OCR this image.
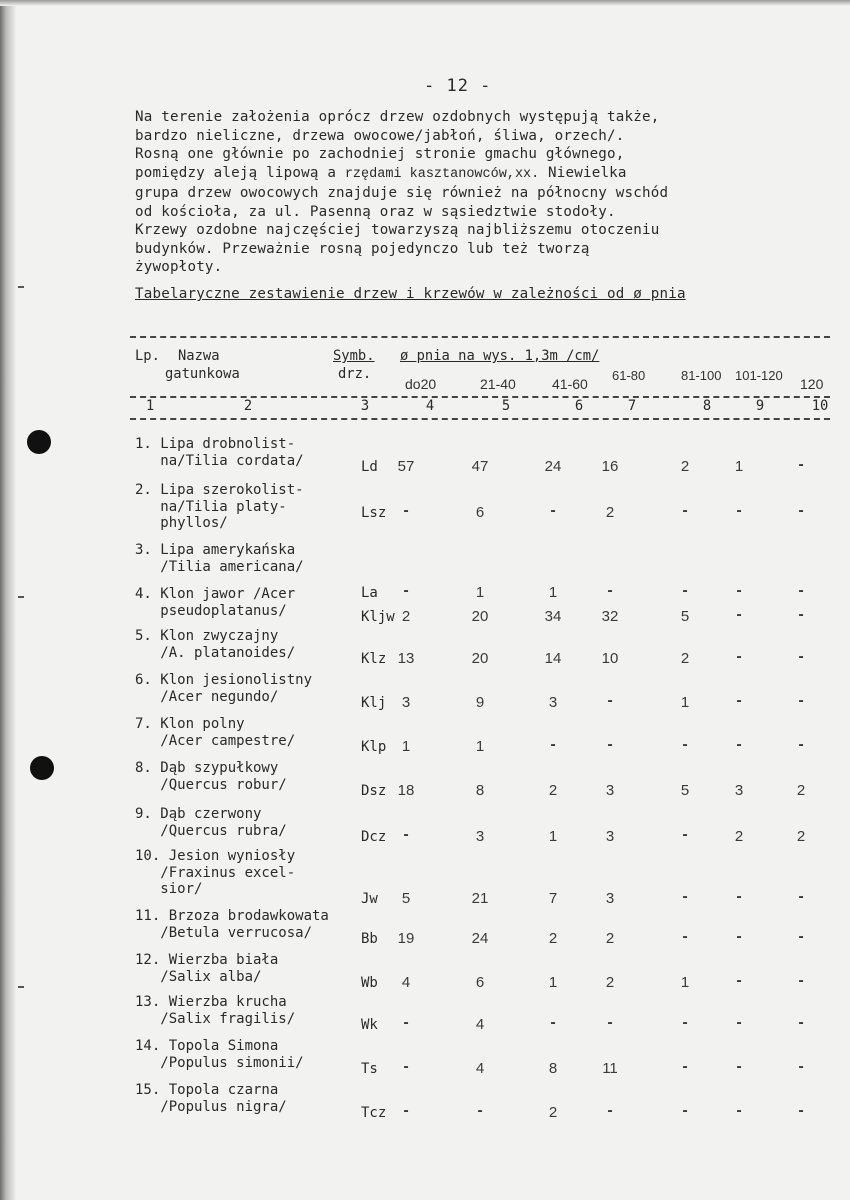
- 12 -

Na terenie założenia oprócz drzew ozdobnych występują także,

bardzo nieliczne, drzewa owocowe/jabłoń, śliwa, orzech/.

Rosną one głównie po zachodniej stronie gmachu głównego,

pomiędzy aleją lipową a rzędami kasztanowców,xx. Niewielka

grupa drzew owocowych znajduje się również na północny wschód

od kościoła, za ul. Pasenną oraz w sąsiedztwie stodoły.

Krzewy ozdobne najczęściej towarzyszą najbliższemu otoczeniu

budynków. Przeważnie rosną pojedynczo lub też tworzą

żywopłoty.

Tabelaryczne zestawienie drzew i krzewów w zależności od ø pnia
Lp. Nazwa
gatunkowa
Symb.
drz.
ø pnia na wys. 1,3m /cm/
do20	21-40	41-60
61-80	81-100 101-120
120
1	2	3	4	5	6	7	8	9	10
1. Lipa drobnolist-
na/Tilia cordata/	Ld	57	47	24	16	2	1	-
2. Lipa szerokolist-
na/Tilia platy-
phyllos/
Lsz	-	6	-	2	-	-	-
3. Lipa amerykańska
/Tilia americana/
La	-	1	1	-	-	-	-
4. Klon jawor /Acer
pseudoplatanus/	Kljw 2	20	34	32	5	-	-
5. Klon zwyczajny
/A. platanoides/	Klz 13	20	14	10	2	-	-
6. Klon jesionolistny
/Acer negundo/	Klj	3	9	3	-	1	-	-
7. Klon polny
/Acer campestre/	Klp	1	1	-	-	-	-	-
8. Dąb szypułkowy
/Quercus robur/	Dsz 18	8	2	3	5	3	2
9. Dąb czerwony
/Quercus rubra/	Dcz	-	3	1	3	-	2	2
10. Jesion wyniosły
/Fraxinus excel-
sior/
Jw	5	21	7	3	-	-	-
11. Brzoza brodawkowata
/Betula verrucosa/	Bb	19	24	2	2	-	-	-
12. Wierzba biała
/Salix alba/	Wb	4	6	1	2	1	-	-
13. Wierzba krucha
/Salix fragilis/	Wk	-	4	-	-	-	-	-
14. Topola Simona
/Populus simonii/	Ts	-	4	8	11	-	-	-
15. Topola czarna
/Populus nigra/	Tcz	-	-	2	-	-	-	-
